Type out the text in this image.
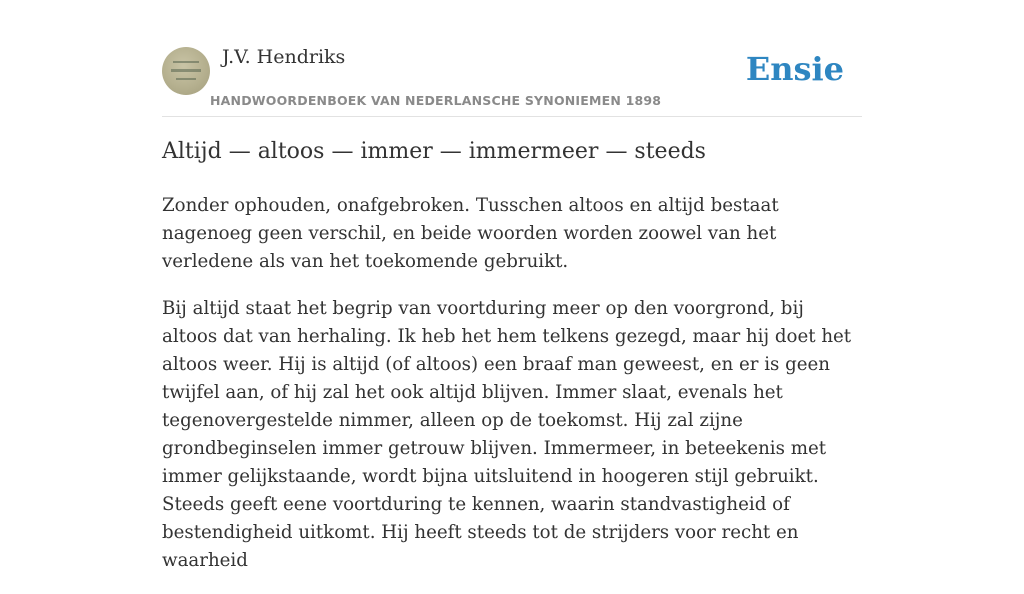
J.V. Hendriks
HANDWOORDENBOEK VAN NEDERLANSCHE SYNONIEMEN 1898
Ensie
Altijd — altoos — immer — immermeer — steeds

Zonder ophouden, onafgebroken. Tusschen altoos en altijd bestaat nagenoeg geen verschil, en beide woorden worden zoowel van het verledene als van het toekomende gebruikt.

Bij altijd staat het begrip van voortduring meer op den voorgrond, bij altoos dat van herhaling. Ik heb het hem telkens gezegd, maar hij doet het altoos weer. Hij is altijd (of altoos) een braaf man geweest, en er is geen twijfel aan, of hij zal het ook altijd blijven. Immer slaat, evenals het tegenovergestelde nimmer, alleen op de toekomst. Hij zal zijne grondbeginselen immer getrouw blijven. Immermeer, in beteekenis met immer gelijkstaande, wordt bijna uitsluitend in hoogeren stijl gebruikt. Steeds geeft eene voortduring te kennen, waarin standvastigheid of bestendigheid uitkomt. Hij heeft steeds tot de strijders voor recht en waarheid
